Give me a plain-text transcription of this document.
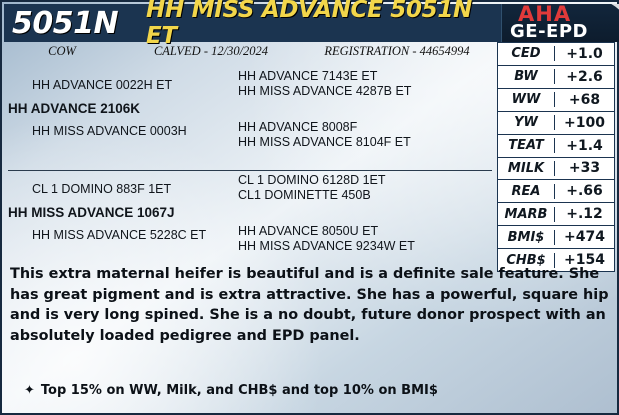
5051N	HH MISS ADVANCE 5051N ET
AHA
GE-EPD
COW	CALVED - 12/30/2024	REGISTRATION - 44654994
HH ADVANCE 0022H ET
HH ADVANCE 2106K
HH MISS ADVANCE 0003H
HH ADVANCE 7143E ET
HH MISS ADVANCE 4287B ET
HH ADVANCE 8008F
HH MISS ADVANCE 8104F ET
CL 1 DOMINO 883F 1ET
HH MISS ADVANCE 1067J
HH MISS ADVANCE 5228C ET
CL 1 DOMINO 6128D 1ET
CL1 DOMINETTE 450B
HH ADVANCE 8050U ET
HH MISS ADVANCE 9234W ET
CED	+1.0
BW	+2.6
WW	+68
YW	+100
TEAT	+1.4
MILK	+33
REA	+.66
MARB	+.12
BMI$	+474
CHB$	+154
This extra maternal heifer is beautiful and is a definite sale feature. She has great pigment and is extra attractive. She has a powerful, square hip and is very long spined. She is a no doubt, future donor prospect with an absolutely loaded pedigree and EPD panel.
✦ Top 15% on WW, Milk, and CHB$ and top 10% on BMI$
